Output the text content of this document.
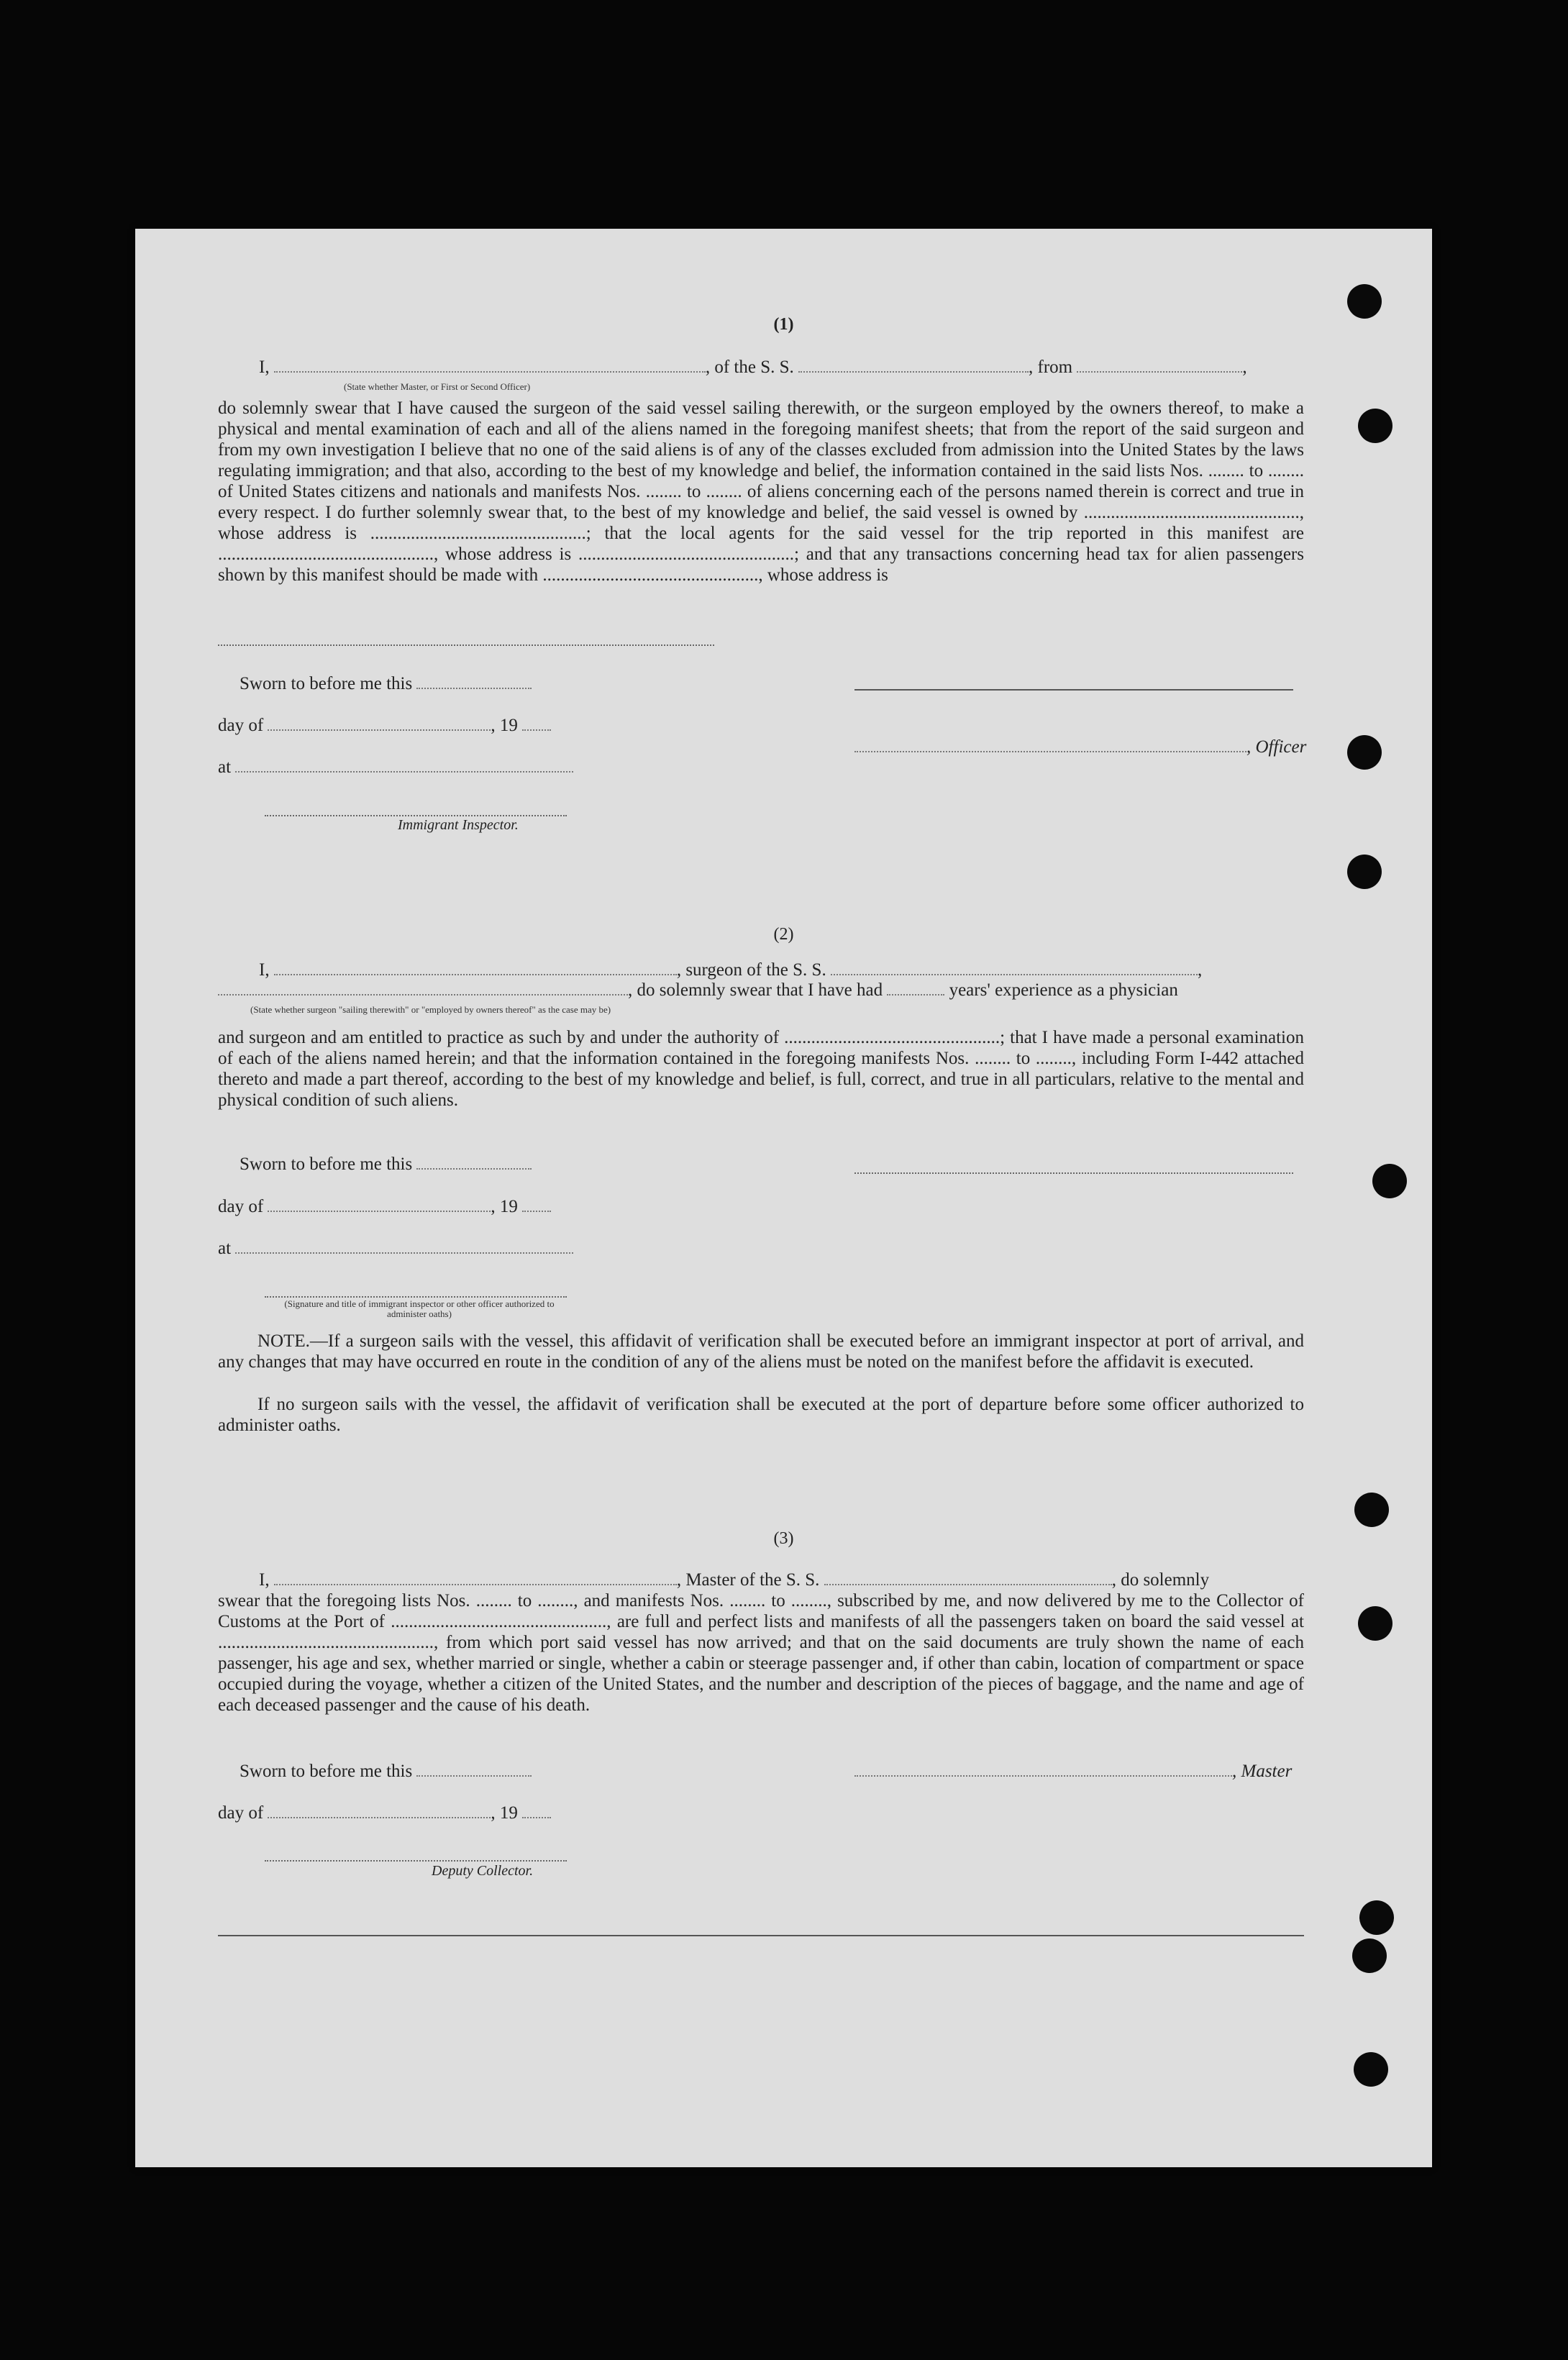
(1)
I,	, of the S. S.	, from	,
(State whether Master, or First or Second Officer)
do solemnly swear that I have caused the surgeon of the said vessel sailing therewith, or the surgeon employed by the owners thereof, to make a physical and mental examination of each and all of the aliens named in the foregoing manifest sheets; that from the report of the said surgeon and from my own investigation I believe that no one of the said aliens is of any of the classes excluded from admission into the United States by the laws regulating immigration; and that also, according to the best of my knowledge and belief, the information contained in the said lists Nos. ........ to ........ of United States citizens and nationals and manifests Nos. ........ to ........ of aliens concerning each of the persons named therein is correct and true in every respect. I do further solemnly swear that, to the best of my knowledge and belief, the said vessel is owned by ................................................, whose address is ................................................; that the local agents for the said vessel for the trip reported in this manifest are ................................................, whose address is ................................................; and that any transactions concerning head tax for alien passengers shown by this manifest should be made with ................................................, whose address is
Sworn to before me this
day of	, 19
, Officer
at
Immigrant Inspector.
(2)
I,	, surgeon of the S. S.	,
, do solemnly swear that I have had	years' experience as a physician
(State whether surgeon "sailing therewith" or "employed by owners thereof" as the case may be)
and surgeon and am entitled to practice as such by and under the authority of ................................................; that I have made a personal examination of each of the aliens named herein; and that the information contained in the foregoing manifests Nos. ........ to ........, including Form I-442 attached thereto and made a part thereof, according to the best of my knowledge and belief, is full, correct, and true in all particulars, relative to the mental and physical condition of such aliens.
Sworn to before me this
day of	, 19
at
(Signature and title of immigrant inspector or other officer authorized to administer oaths)
NOTE.—If a surgeon sails with the vessel, this affidavit of verification shall be executed before an immigrant inspector at port of arrival, and any changes that may have occurred en route in the condition of any of the aliens must be noted on the manifest before the affidavit is executed.
If no surgeon sails with the vessel, the affidavit of verification shall be executed at the port of departure before some officer authorized to administer oaths.
(3)
I,	, Master of the S. S.	, do solemnly
swear that the foregoing lists Nos. ........ to ........, and manifests Nos. ........ to ........, subscribed by me, and now delivered by me to the Collector of Customs at the Port of ................................................, are full and perfect lists and manifests of all the passengers taken on board the said vessel at ................................................, from which port said vessel has now arrived; and that on the said documents are truly shown the name of each passenger, his age and sex, whether married or single, whether a cabin or steerage passenger and, if other than cabin, location of compartment or space occupied during the voyage, whether a citizen of the United States, and the number and description of the pieces of baggage, and the name and age of each deceased passenger and the cause of his death.
Sworn to before me this	, Master
day of	, 19
Deputy Collector.
